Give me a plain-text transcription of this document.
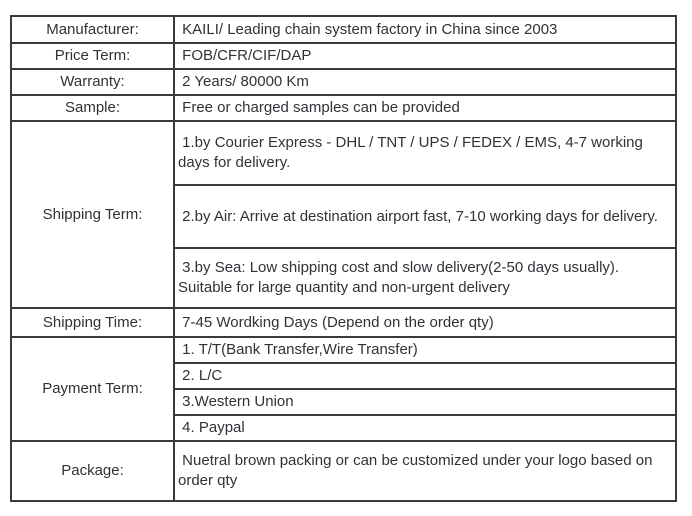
Manufacturer:	KAILI/ Leading chain system factory in China since 2003
Price Term:	FOB/CFR/CIF/DAP
Warranty:	2 Years/ 80000 Km
Sample:	Free or charged samples can be provided
Shipping Term:	1.by Courier Express - DHL / TNT / UPS / FEDEX / EMS, 4-7 working days for delivery.
	2.by Air: Arrive at destination airport fast, 7-10 working days for delivery.
	3.by Sea: Low shipping cost and slow delivery(2-50 days usually). Suitable for large quantity and non-urgent delivery
Shipping Time:	7-45 Wordking Days (Depend on the order qty)
Payment Term:	1. T/T(Bank Transfer,Wire Transfer)
	2. L/C
	3.Western Union
	4. Paypal
Package:	Nuetral brown packing or can be customized under your logo based on order qty
